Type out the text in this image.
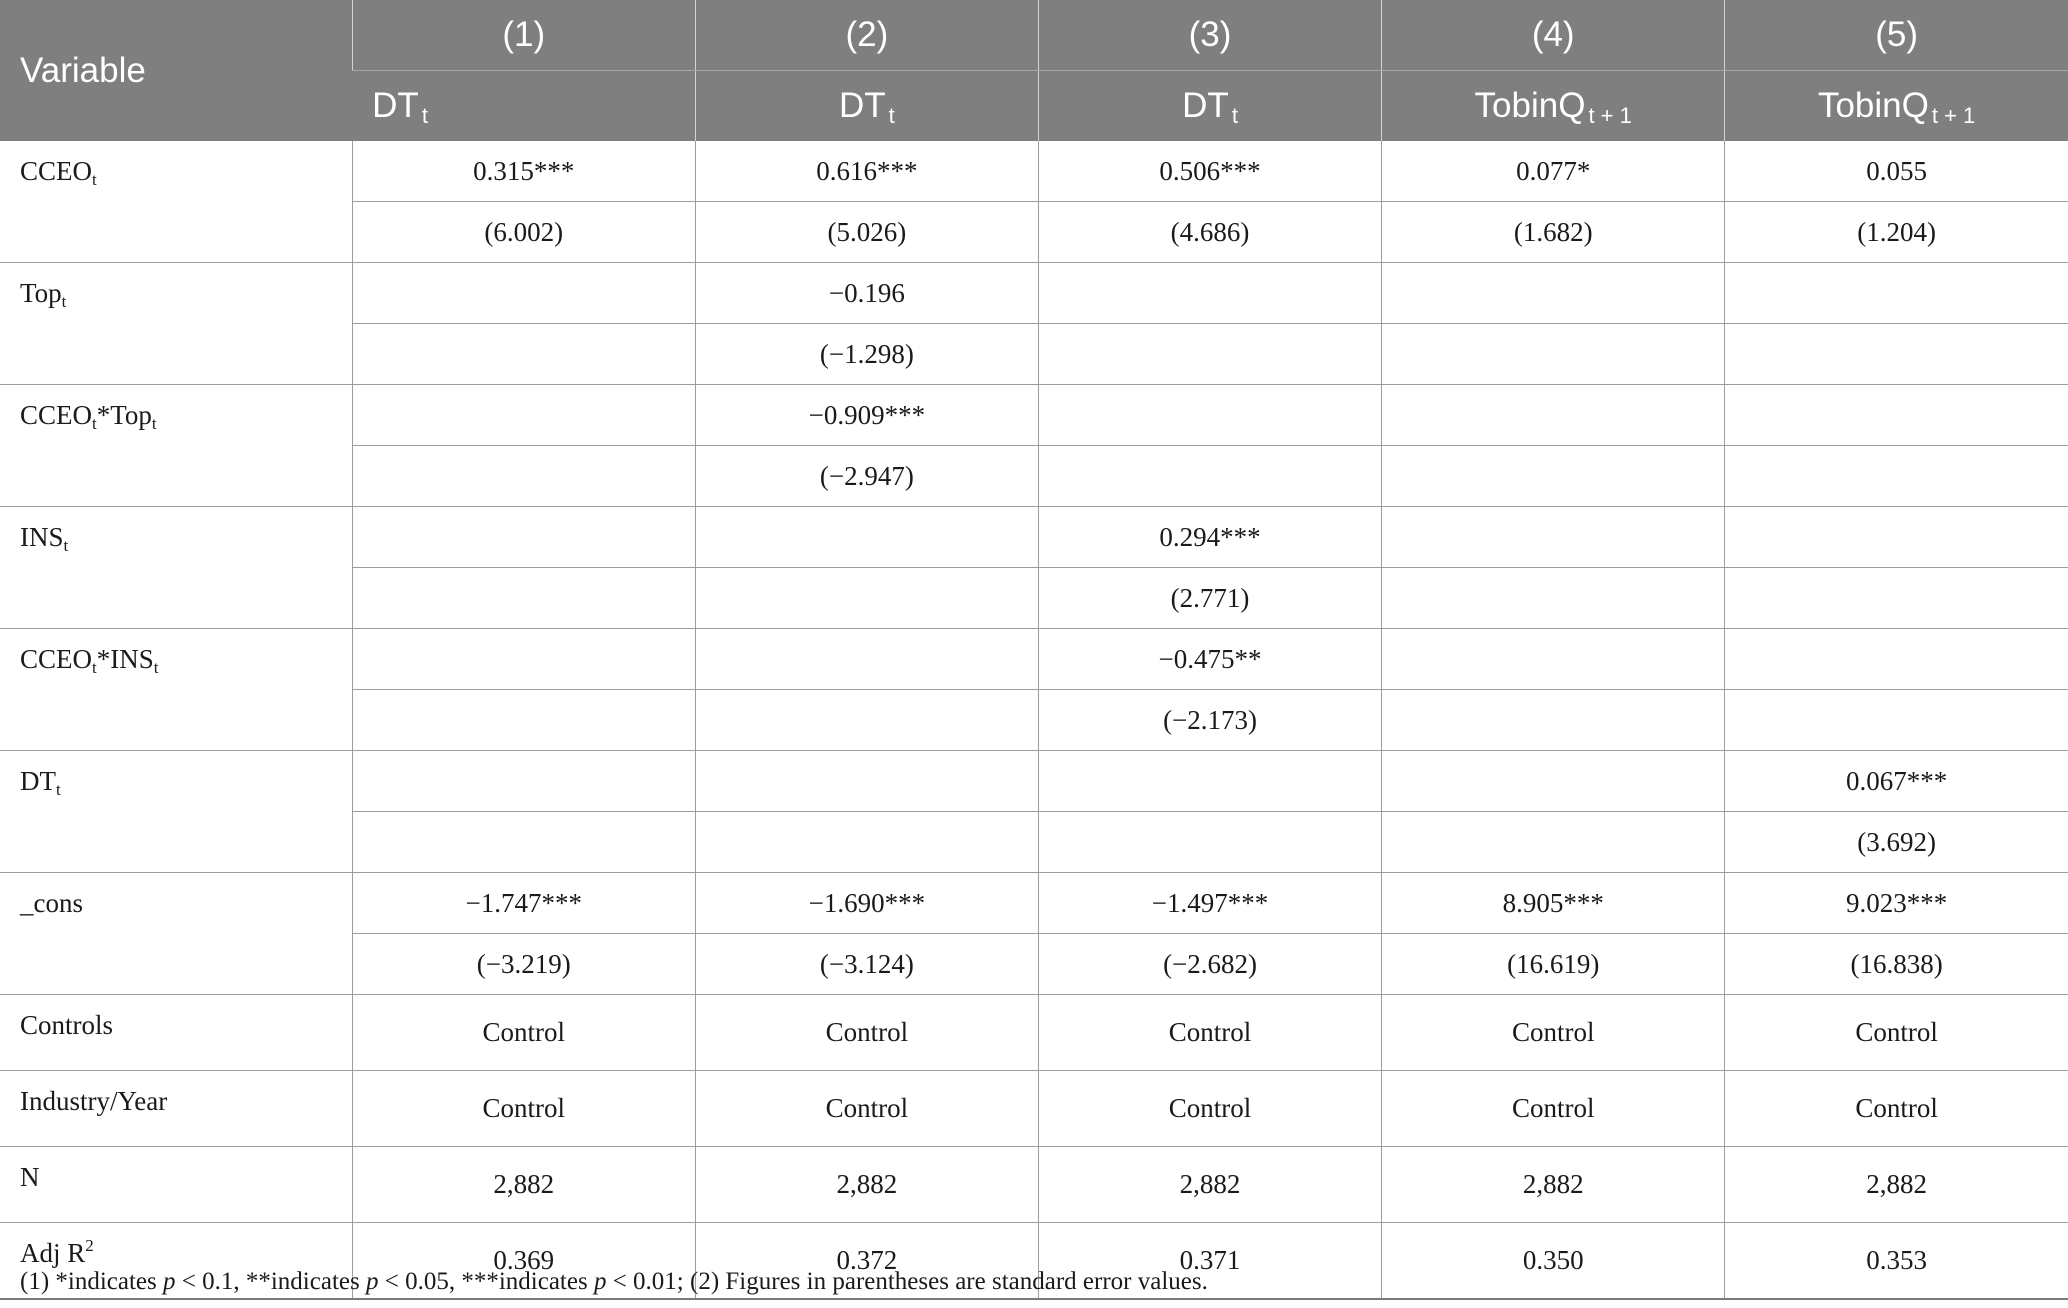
Variable	(1)	(2)	(3)	(4)	(5)
	DT $_t$	DT $_t$	DT $_t$	TobinQ $_{t + 1}$	TobinQ $_{t + 1}$
$CCEO_t$	0.315***	0.616***	0.506***	0.077*	0.055
	(6.002)	(5.026)	(4.686)	(1.682)	(1.204)
Top$_t$		−0.196			
		(−1.298)			
$CCEO_t*Top_t$		−0.909***			
		(−2.947)			
$INS_t$			0.294***		
			(2.771)		
$CCEO_t*INS_t$			−0.475**		
			(−2.173)		
$DT_t$					0.067***
					(3.692)
_cons	−1.747***	−1.690***	−1.497***	8.905***	9.023***
	(−3.219)	(−3.124)	(−2.682)	(16.619)	(16.838)
Controls	Control	Control	Control	Control	Control
Industry/Year	Control	Control	Control	Control	Control
N	2,882	2,882	2,882	2,882	2,882
Adj $R^2$	0.369	0.372	0.371	0.350	0.353
(1) *indicates p < 0.1, **indicates p < 0.05, ***indicates p < 0.01; (2) Figures in parentheses are standard error values.
